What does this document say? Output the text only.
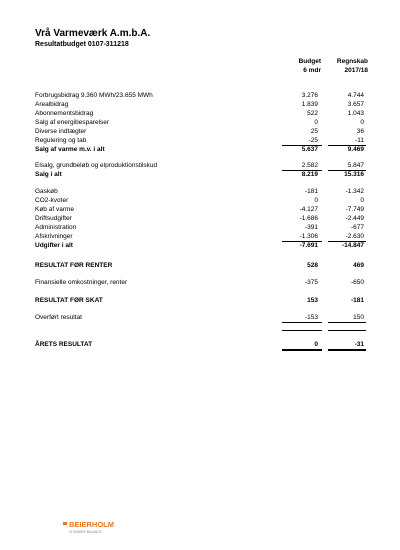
Vrå Varmeværk A.m.b.A.
Resultatbudget 0107-311218
Budget
6 mdr
Regnskab
2017/18
Forbrugsbidrag 9.360 MWh/23.655 MWh	3.276	4.744
Arealbidrag	1.839	3.657
Abonnementsbidrag	522	1.043
Salg af energibesparelser	0	0
Diverse indtægter	25	36
Regulering og tab	-25	-11
Salg af varme m.v. i alt	5.637	9.469
Elsalg, grundbeløb og elproduktionstilskud	2.582	5.847
Salg i alt	8.219	15.316
Gaskøb	-181	-1.342
CO2-kvoter	0	0
Køb af varme	-4.127	-7.749
Driftsudgifter	-1.686	-2.449
Administration	-391	-677
Afskrivninger	-1.306	-2.630
Udgifter i alt	-7.691	-14.847
RESULTAT FØR RENTER	528	469
Finansielle omkostninger, renter	-375	-650
RESULTAT FØR SKAT	153	-181
Overført resultat	-153	150
ÅRETS RESULTAT	0	-31
BEIERHOLM
VI SKABER BALANCE
